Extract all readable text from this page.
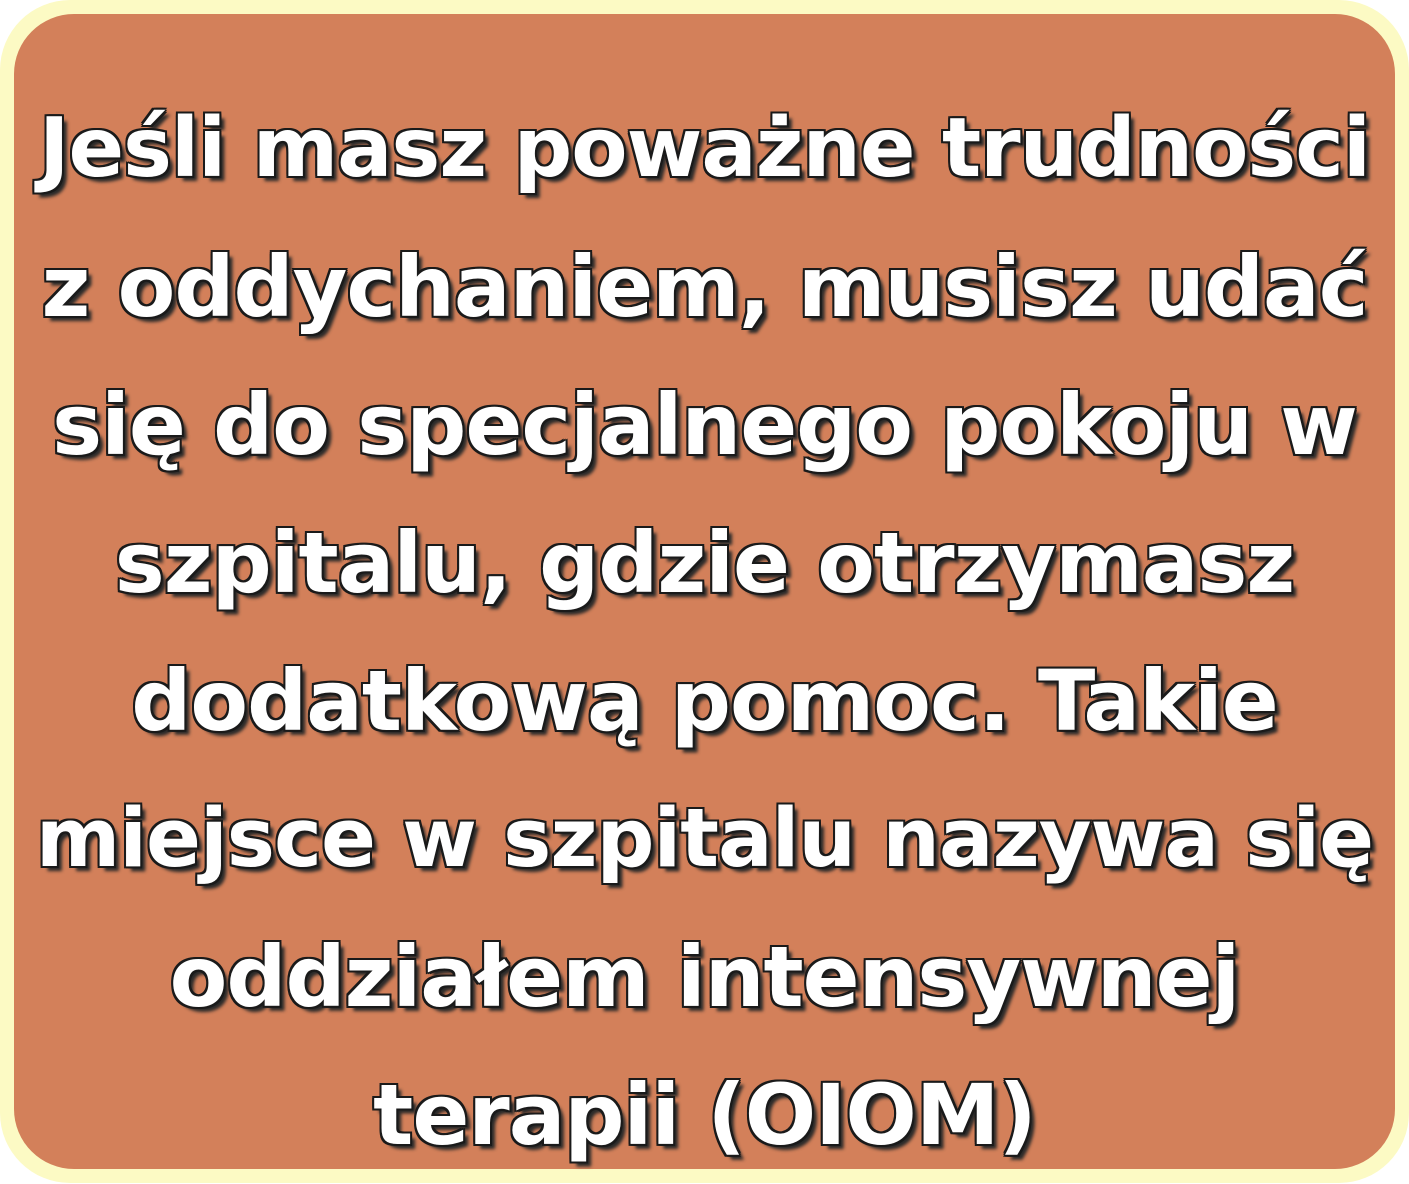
Jeśli masz poważne trudności
z oddychaniem, musisz udać
się do specjalnego pokoju w
szpitalu, gdzie otrzymasz
dodatkową pomoc. Takie
miejsce w szpitalu nazywa się
oddziałem intensywnej
terapii (OIOM)
